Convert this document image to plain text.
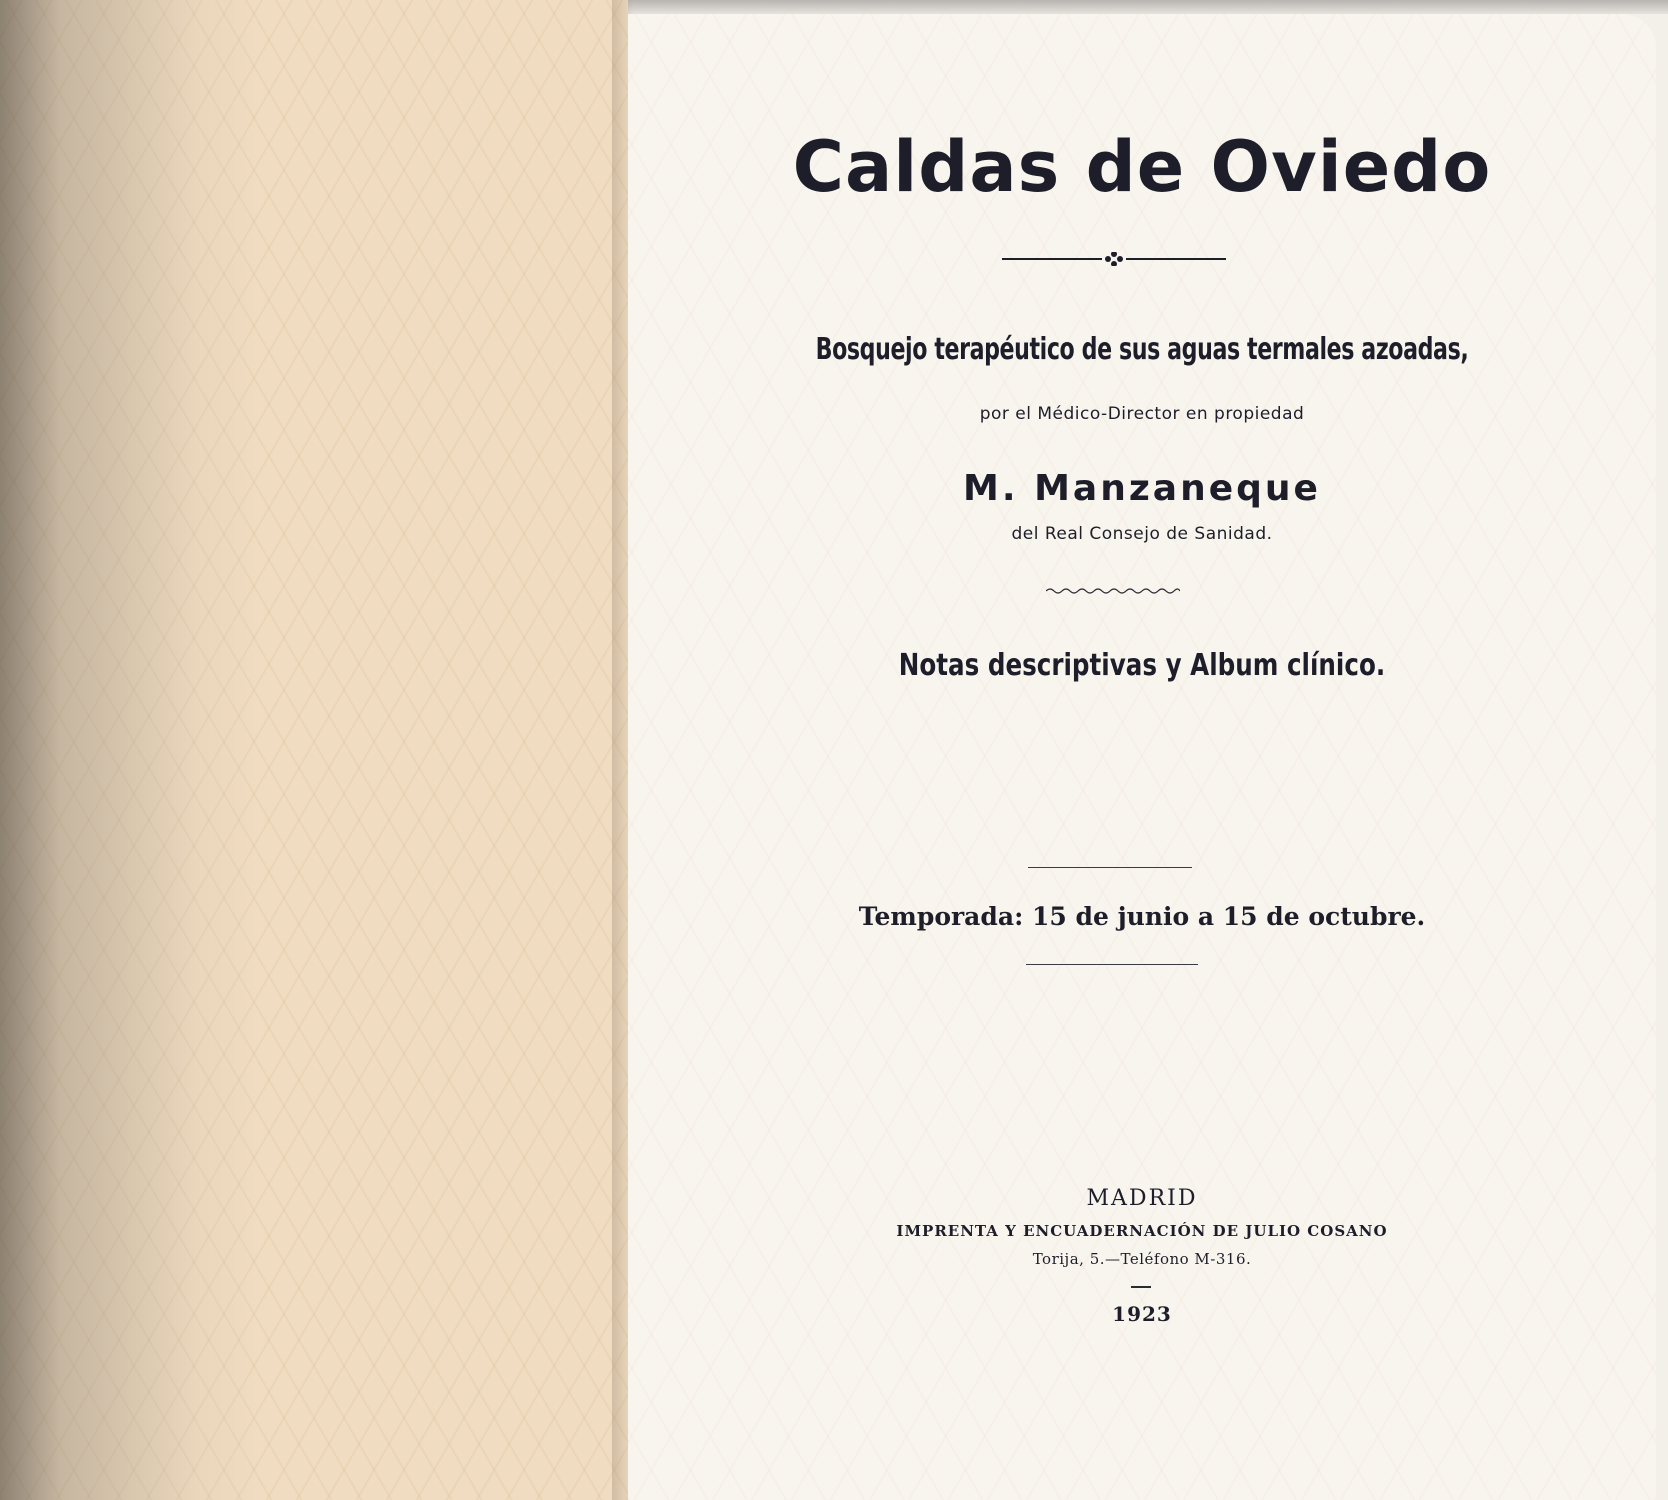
Caldas de Oviedo
Bosquejo terapéutico de sus aguas termales azoadas,
por el Médico-Director en propiedad
M. Manzaneque
del Real Consejo de Sanidad.
Notas descriptivas y Album clínico.
Temporada: 15 de junio a 15 de octubre.
MADRID
IMPRENTA Y ENCUADERNACIÓN DE JULIO COSANO
Torija, 5.—Teléfono M-316.
1923
